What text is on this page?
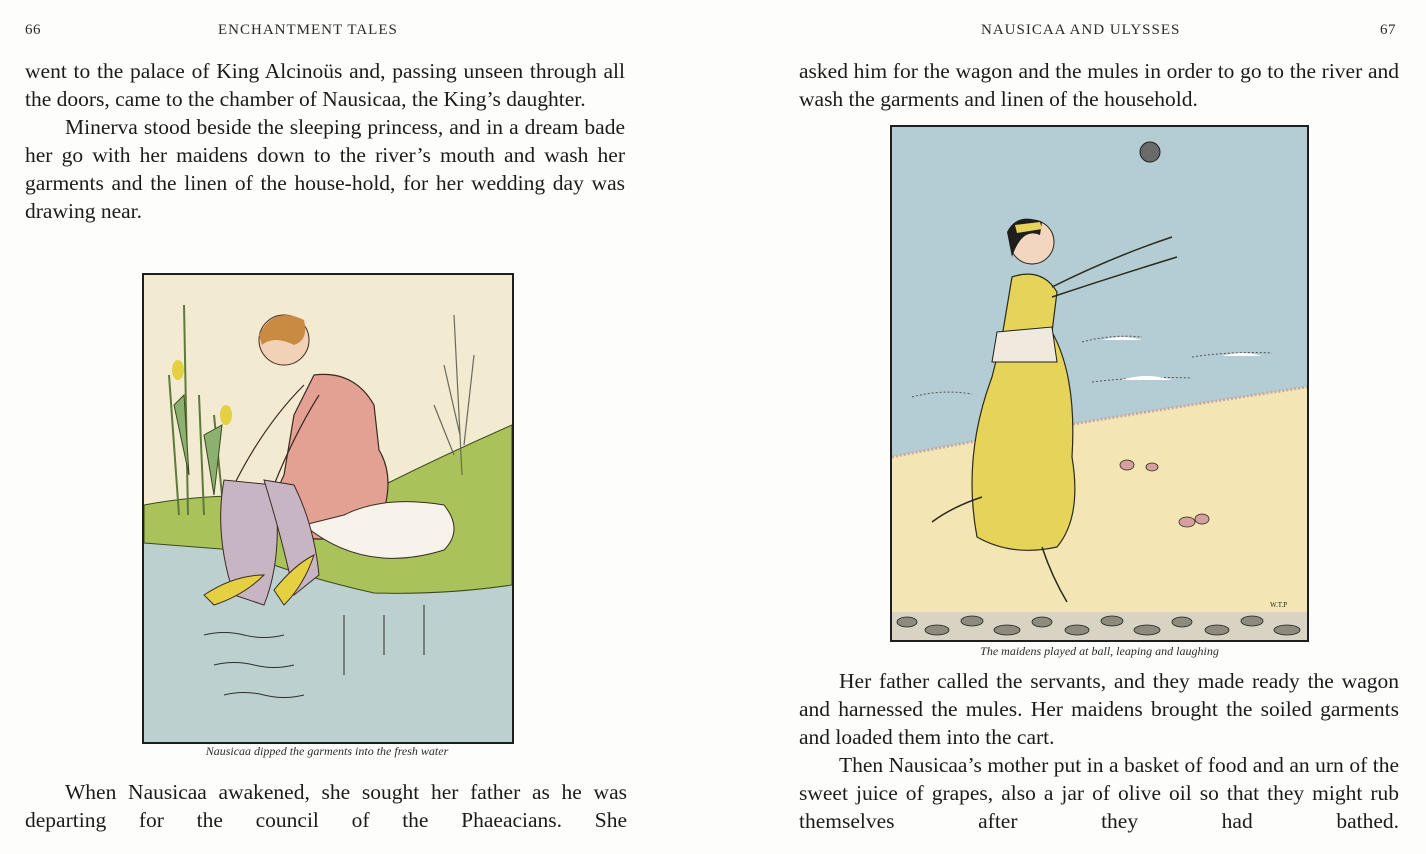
66	ENCHANTMENT TALES

went to the palace of King Alcinoüs and, passing unseen through all the doors, came to the chamber of Nausicaa, the King’s daughter.

Minerva stood beside the sleeping princess, and in a dream bade her go with her maidens down to the river’s mouth and wash her garments and the linen of the house-hold, for her wedding day was drawing near.

Nausicaa dipped the garments into the fresh water

When Nausicaa awakened, she sought her father as he was departing for the council of the Phaeacians. She

NAUSICAA AND ULYSSES	67

asked him for the wagon and the mules in order to go to the river and wash the garments and linen of the household.

W.T.P
The maidens played at ball, leaping and laughing

Her father called the servants, and they made ready the wagon and harnessed the mules. Her maidens brought the soiled garments and loaded them into the cart.

Then Nausicaa’s mother put in a basket of food and an urn of the sweet juice of grapes, also a jar of olive oil so that they might rub themselves after they had bathed.
